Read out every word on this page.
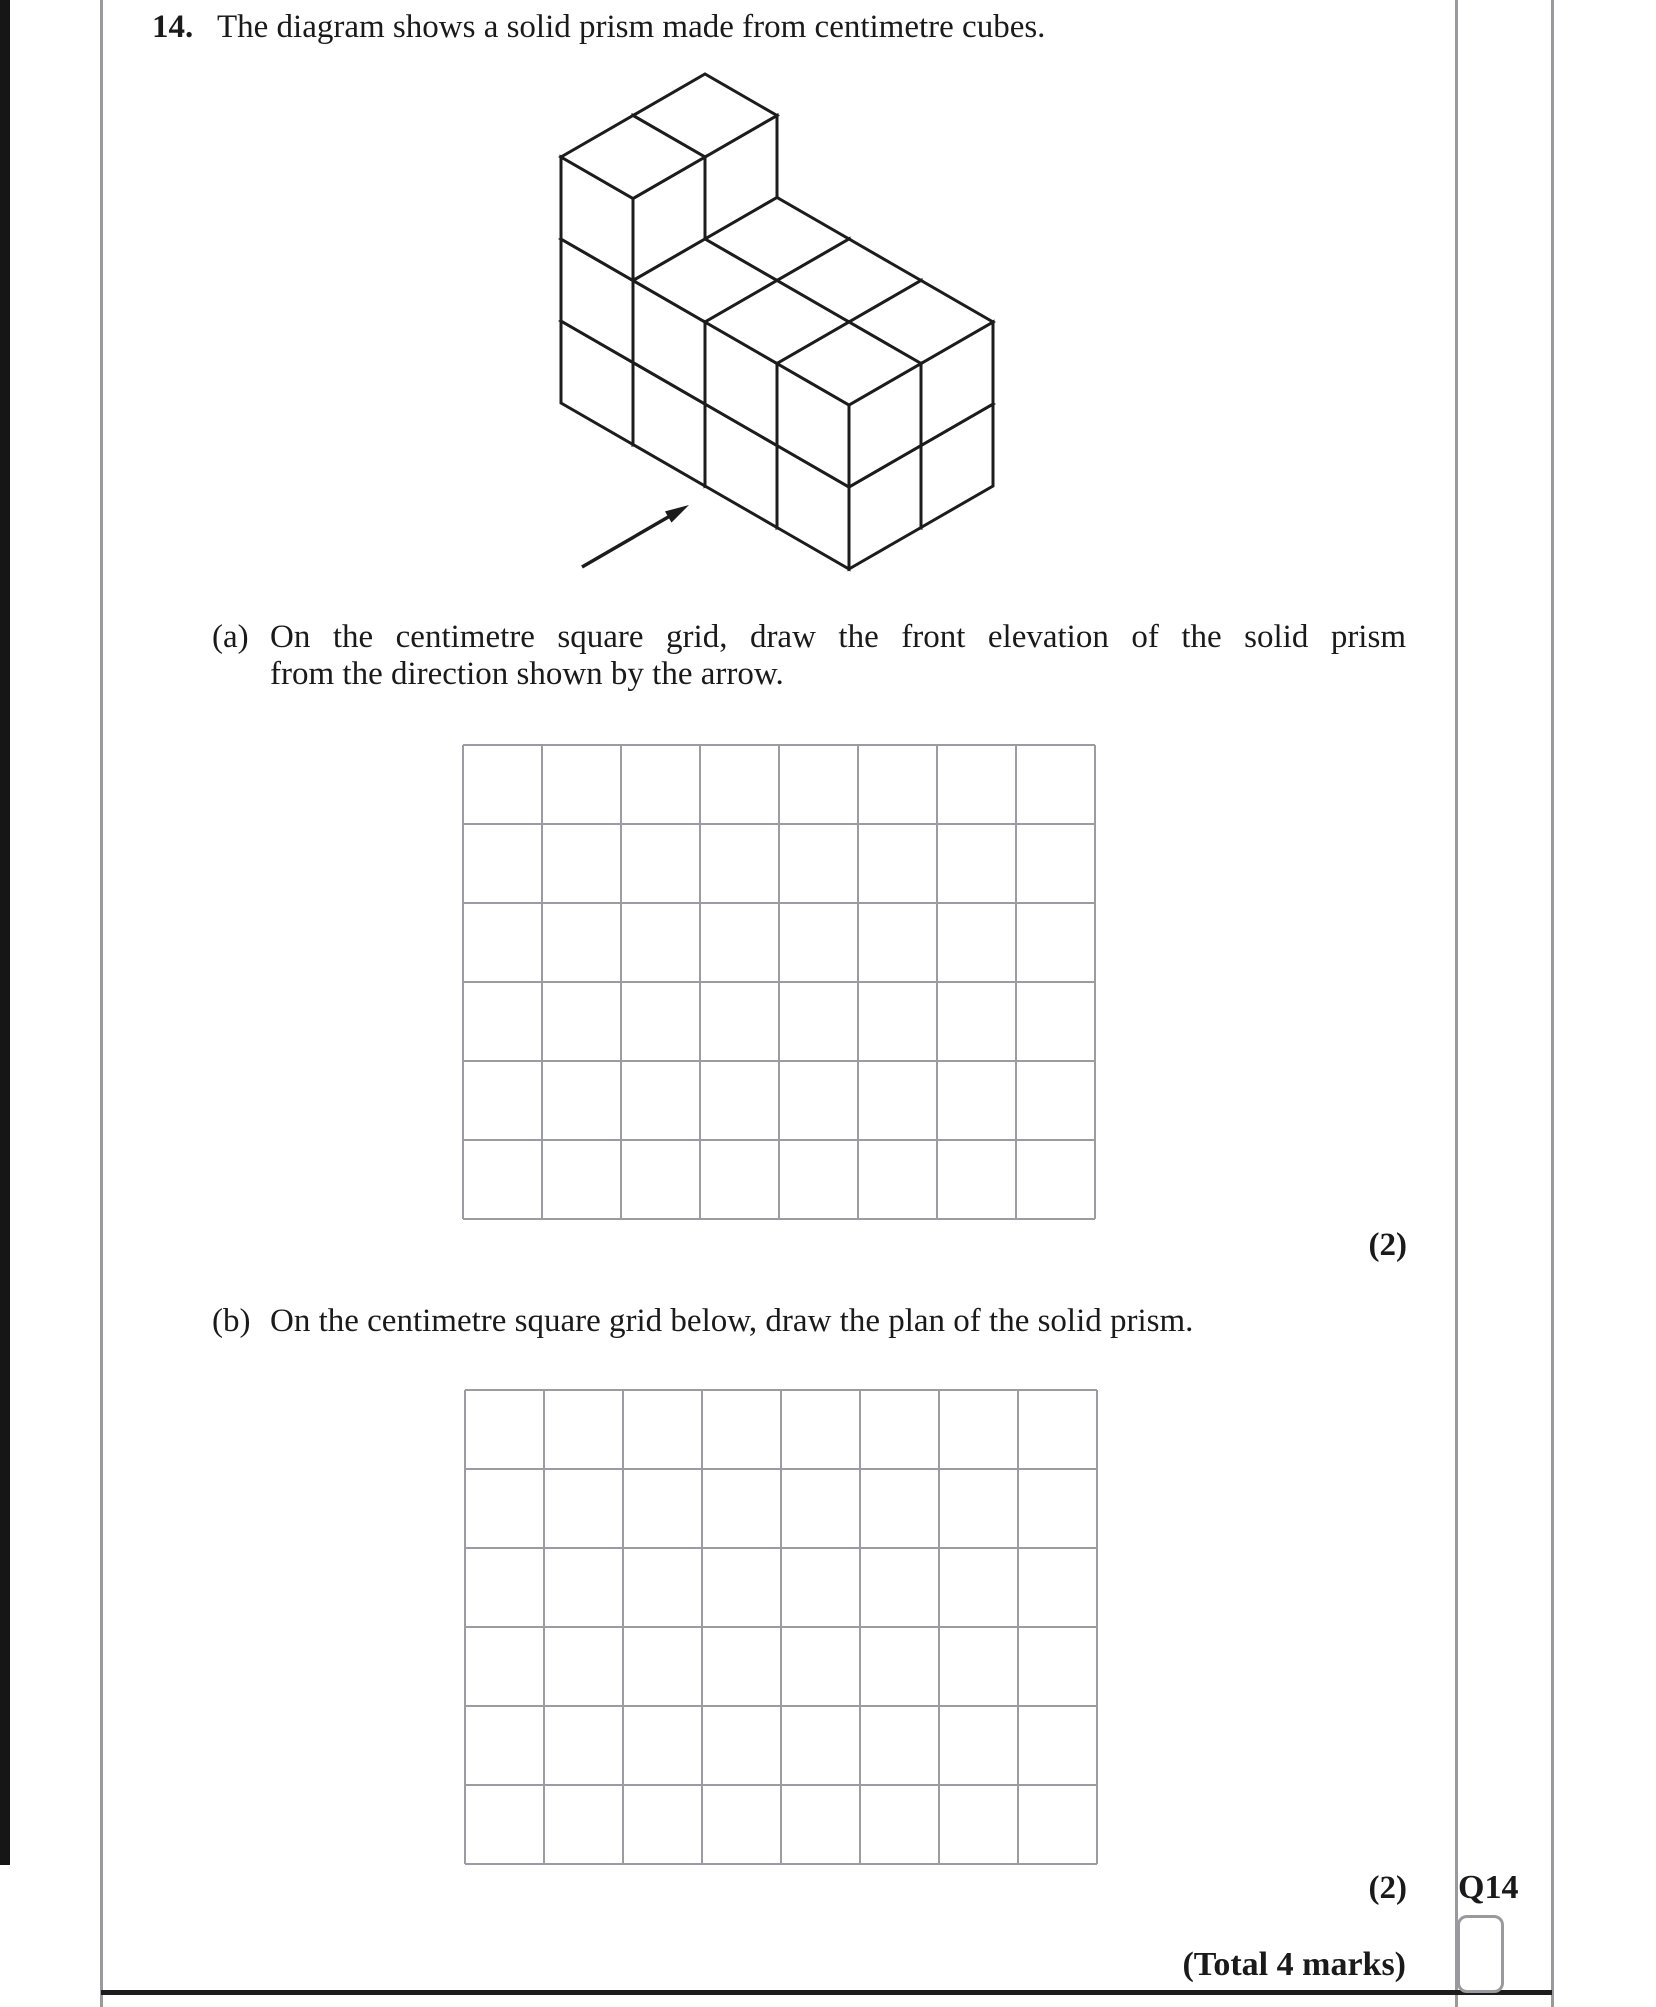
14. The diagram shows a solid prism made from centimetre cubes.
(a) On the centimetre square grid, draw the front elevation of the solid prism
from the direction shown by the arrow.
(2)
(b) On the centimetre square grid below, draw the plan of the solid prism.
(2) Q14
(Total 4 marks)
